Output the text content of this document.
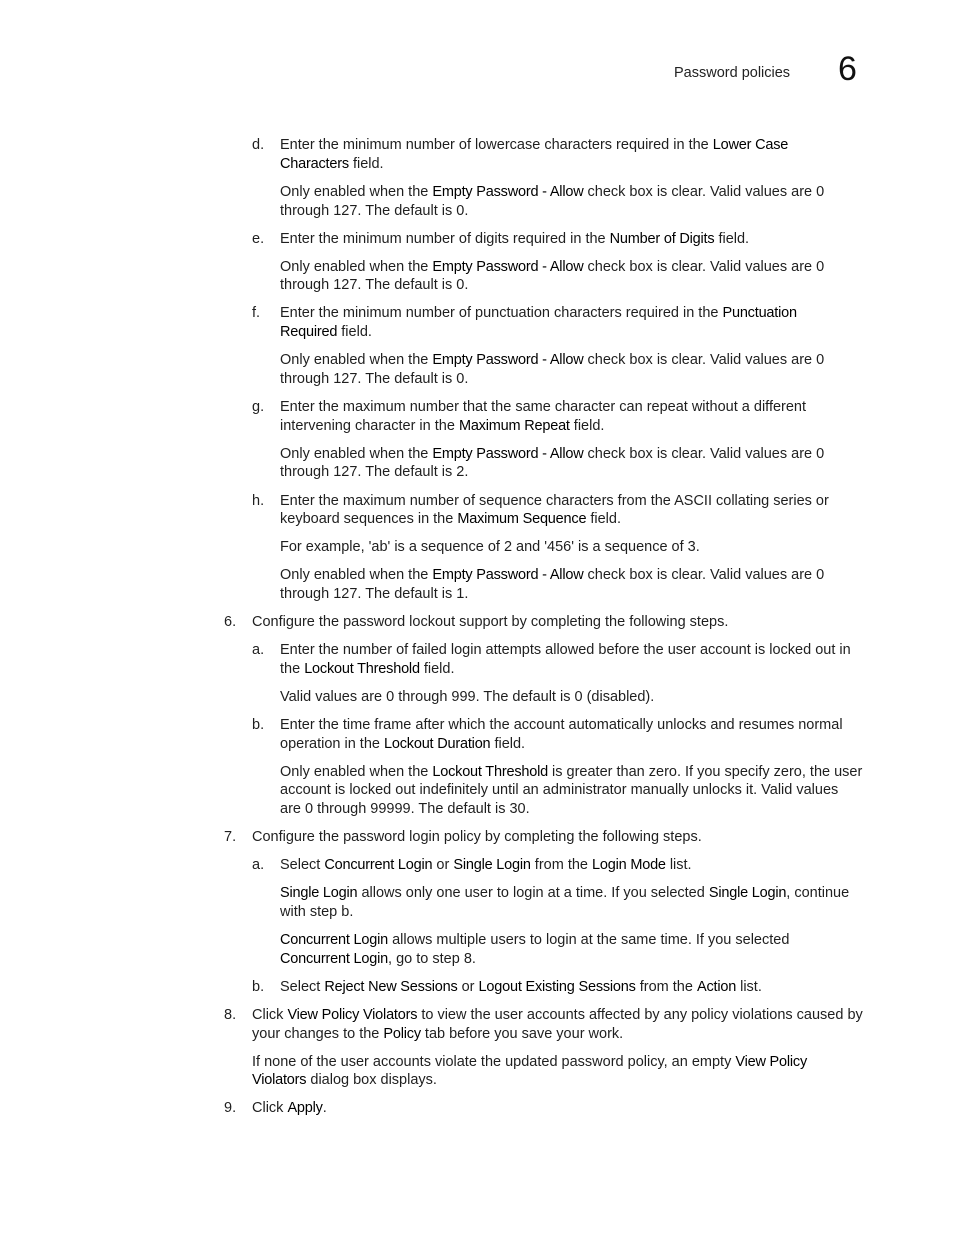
Password policies 6
d. Enter the minimum number of lowercase characters required in the Lower Case
Characters field.
Only enabled when the Empty Password - Allow check box is clear. Valid values are 0
through 127. The default is 0.
e. Enter the minimum number of digits required in the Number of Digits field.
Only enabled when the Empty Password - Allow check box is clear. Valid values are 0
through 127. The default is 0.
f. Enter the minimum number of punctuation characters required in the Punctuation
Required field.
Only enabled when the Empty Password - Allow check box is clear. Valid values are 0
through 127. The default is 0.
g. Enter the maximum number that the same character can repeat without a different
intervening character in the Maximum Repeat field.
Only enabled when the Empty Password - Allow check box is clear. Valid values are 0
through 127. The default is 2.
h. Enter the maximum number of sequence characters from the ASCII collating series or
keyboard sequences in the Maximum Sequence field.
For example, 'ab' is a sequence of 2 and '456' is a sequence of 3.
Only enabled when the Empty Password - Allow check box is clear. Valid values are 0
through 127. The default is 1.
6. Configure the password lockout support by completing the following steps.
a. Enter the number of failed login attempts allowed before the user account is locked out in
the Lockout Threshold field.
Valid values are 0 through 999. The default is 0 (disabled).
b. Enter the time frame after which the account automatically unlocks and resumes normal
operation in the Lockout Duration field.
Only enabled when the Lockout Threshold is greater than zero. If you specify zero, the user
account is locked out indefinitely until an administrator manually unlocks it. Valid values
are 0 through 99999. The default is 30.
7. Configure the password login policy by completing the following steps.
a. Select Concurrent Login or Single Login from the Login Mode list.
Single Login allows only one user to login at a time. If you selected Single Login, continue
with step b.
Concurrent Login allows multiple users to login at the same time. If you selected
Concurrent Login, go to step 8.
b. Select Reject New Sessions or Logout Existing Sessions from the Action list.
8. Click View Policy Violators to view the user accounts affected by any policy violations caused by
your changes to the Policy tab before you save your work.
If none of the user accounts violate the updated password policy, an empty View Policy
Violators dialog box displays.
9. Click Apply.
